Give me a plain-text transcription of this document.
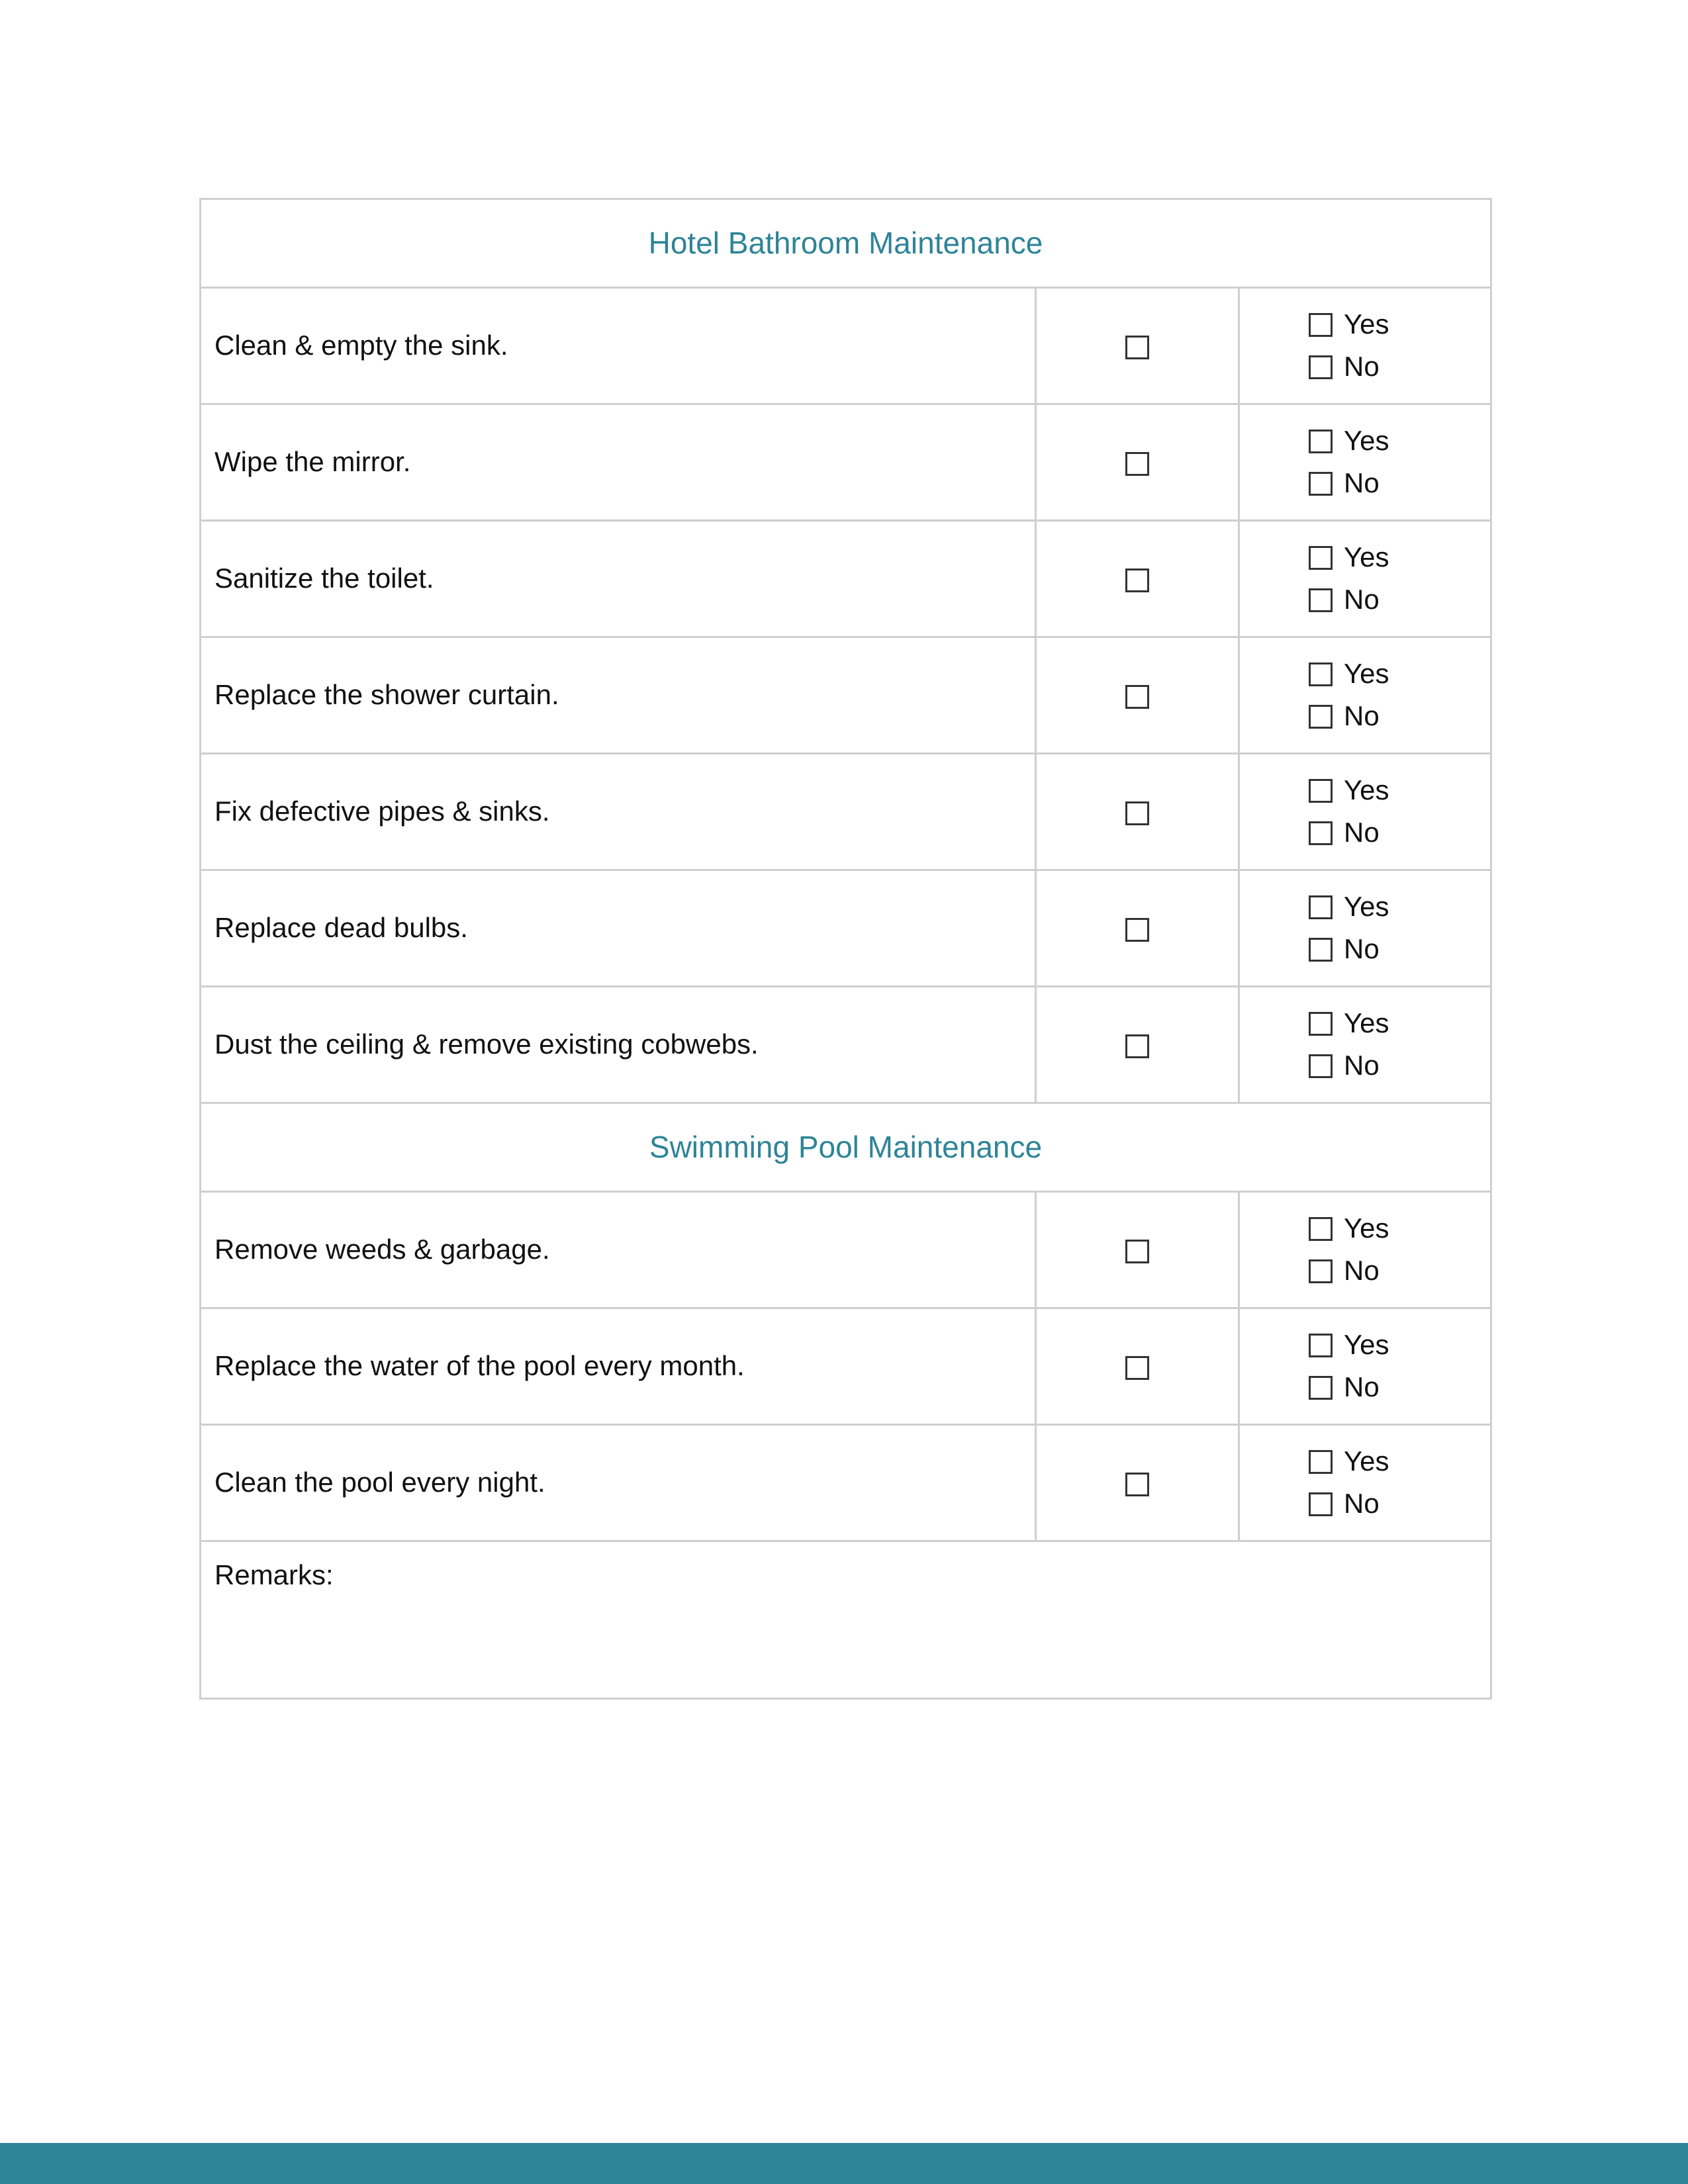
Hotel Bathroom Maintenance		
Clean & empty the sink.		Yes
No

Wipe the mirror.		Yes
No

Sanitize the toilet.		Yes
No

Replace the shower curtain.		Yes
No

Fix defective pipes & sinks.		Yes
No

Replace dead bulbs.		Yes
No

Dust the ceiling & remove existing cobwebs.		Yes
No

Swimming Pool Maintenance		
Remove weeds & garbage.		Yes
No

Replace the water of the pool every month.		Yes
No

Clean the pool every night.		Yes
No

Remarks:		
